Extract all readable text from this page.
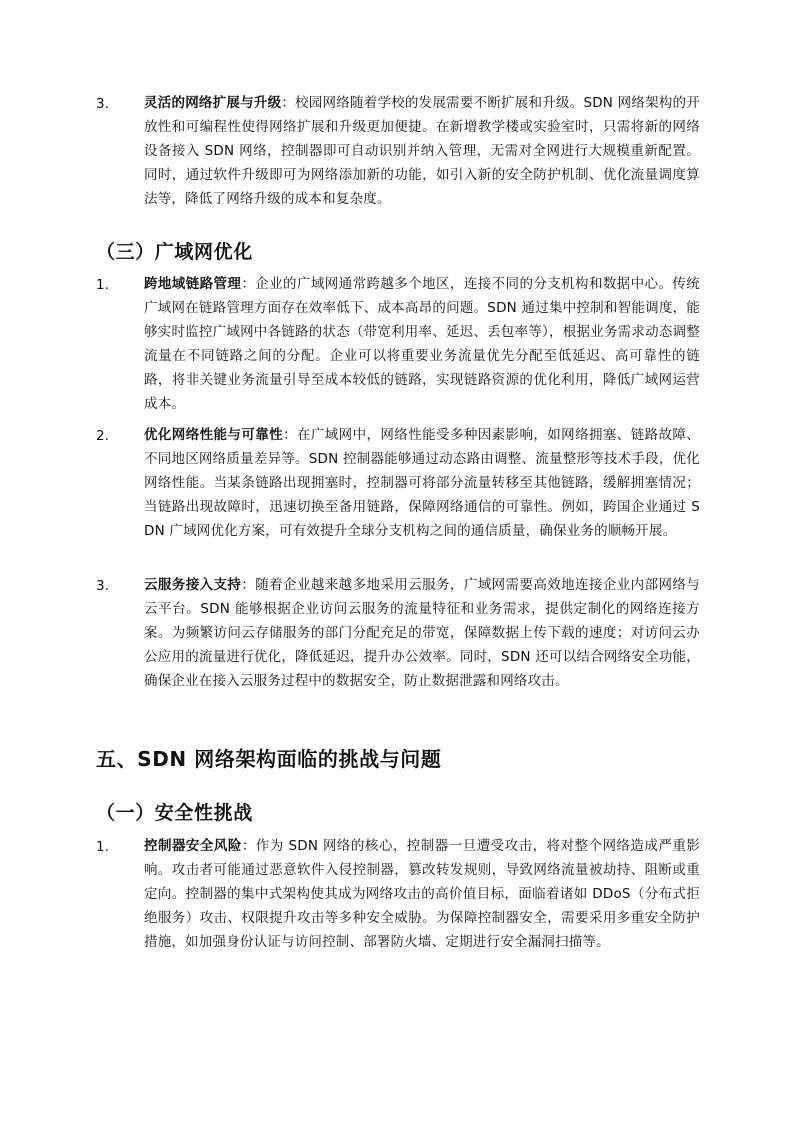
3.	灵活的网络扩展与升级：校园网络随着学校的发展需要不断扩展和升级。SDN 网络架构的开放性和可编程性使得网络扩展和升级更加便捷。在新增教学楼或实验室时，只需将新的网络设备接入 SDN 网络，控制器即可自动识别并纳入管理，无需对全网进行大规模重新配置。同时，通过软件升级即可为网络添加新的功能，如引入新的安全防护机制、优化流量调度算法等，降低了网络升级的成本和复杂度。
（三）广域网优化
1.	跨地域链路管理：企业的广域网通常跨越多个地区，连接不同的分支机构和数据中心。传统广域网在链路管理方面存在效率低下、成本高昂的问题。SDN 通过集中控制和智能调度，能够实时监控广域网中各链路的状态（带宽利用率、延迟、丢包率等），根据业务需求动态调整流量在不同链路之间的分配。企业可以将重要业务流量优先分配至低延迟、高可靠性的链路，将非关键业务流量引导至成本较低的链路，实现链路资源的优化利用，降低广域网运营成本。
2.	优化网络性能与可靠性：在广域网中，网络性能受多种因素影响，如网络拥塞、链路故障、不同地区网络质量差异等。SDN 控制器能够通过动态路由调整、流量整形等技术手段，优化网络性能。当某条链路出现拥塞时，控制器可将部分流量转移至其他链路，缓解拥塞情况；当链路出现故障时，迅速切换至备用链路，保障网络通信的可靠性。例如，跨国企业通过 SDN 广域网优化方案，可有效提升全球分支机构之间的通信质量，确保业务的顺畅开展。
3.	云服务接入支持：随着企业越来越多地采用云服务，广域网需要高效地连接企业内部网络与云平台。SDN 能够根据企业访问云服务的流量特征和业务需求，提供定制化的网络连接方案。为频繁访问云存储服务的部门分配充足的带宽，保障数据上传下载的速度；对访问云办公应用的流量进行优化，降低延迟，提升办公效率。同时，SDN 还可以结合网络安全功能，确保企业在接入云服务过程中的数据安全，防止数据泄露和网络攻击。
五、SDN 网络架构面临的挑战与问题
（一）安全性挑战
1.	控制器安全风险：作为 SDN 网络的核心，控制器一旦遭受攻击，将对整个网络造成严重影响。攻击者可能通过恶意软件入侵控制器，篡改转发规则，导致网络流量被劫持、阻断或重定向。控制器的集中式架构使其成为网络攻击的高价值目标，面临着诸如 DDoS（分布式拒绝服务）攻击、权限提升攻击等多种安全威胁。为保障控制器安全，需要采用多重安全防护措施，如加强身份认证与访问控制、部署防火墙、定期进行安全漏洞扫描等。
